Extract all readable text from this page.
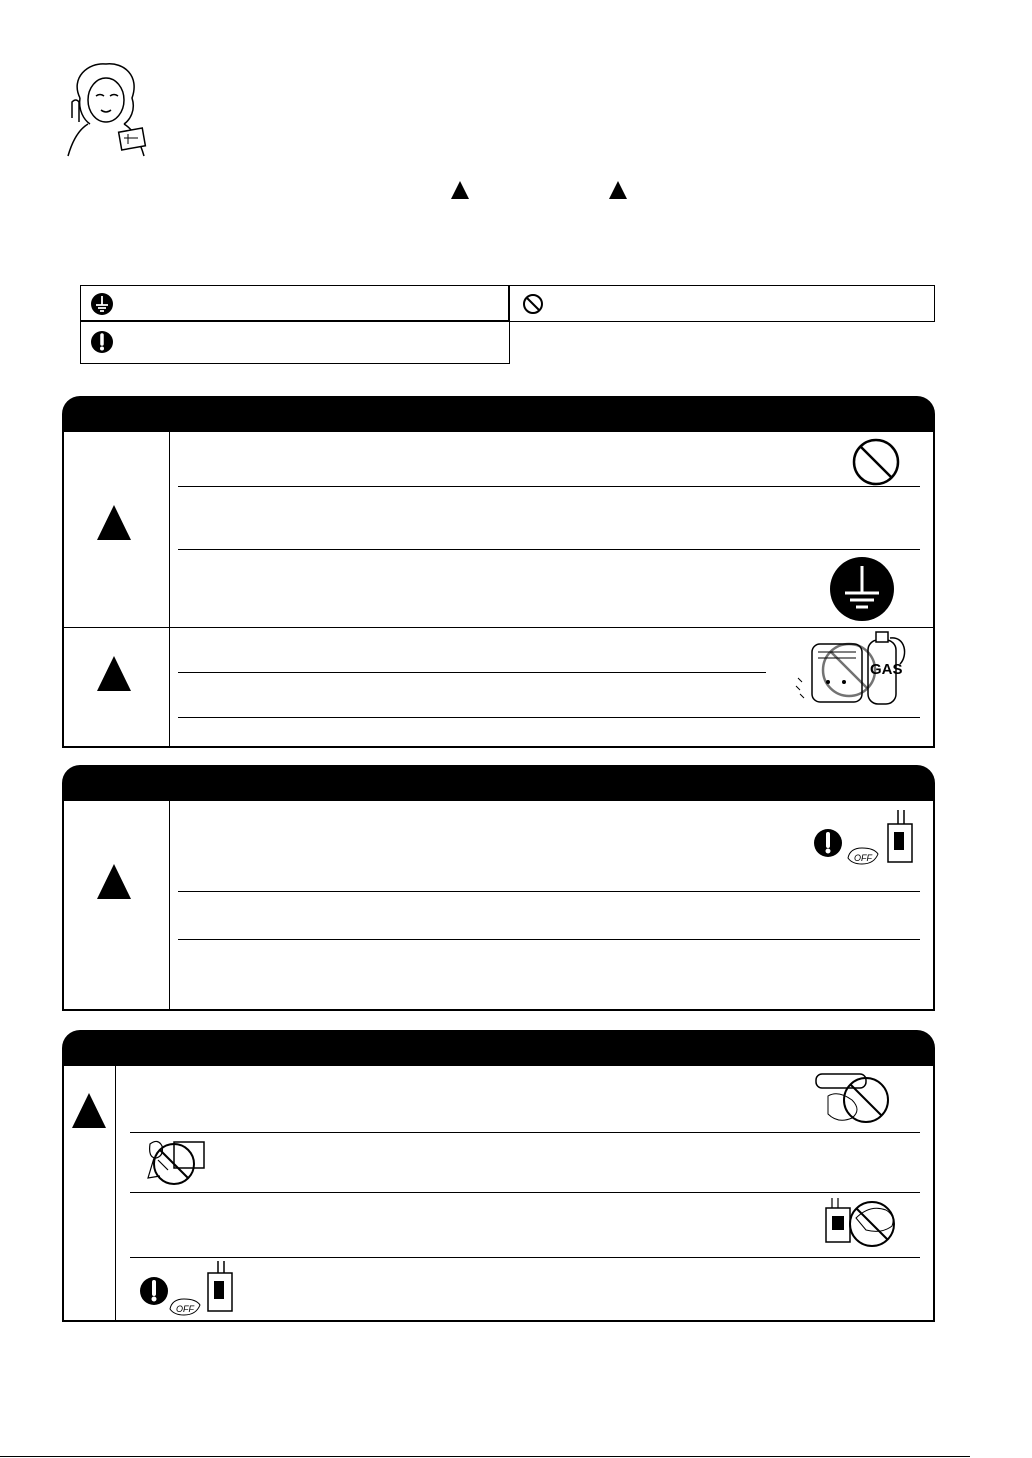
GAS
OFF
OFF
